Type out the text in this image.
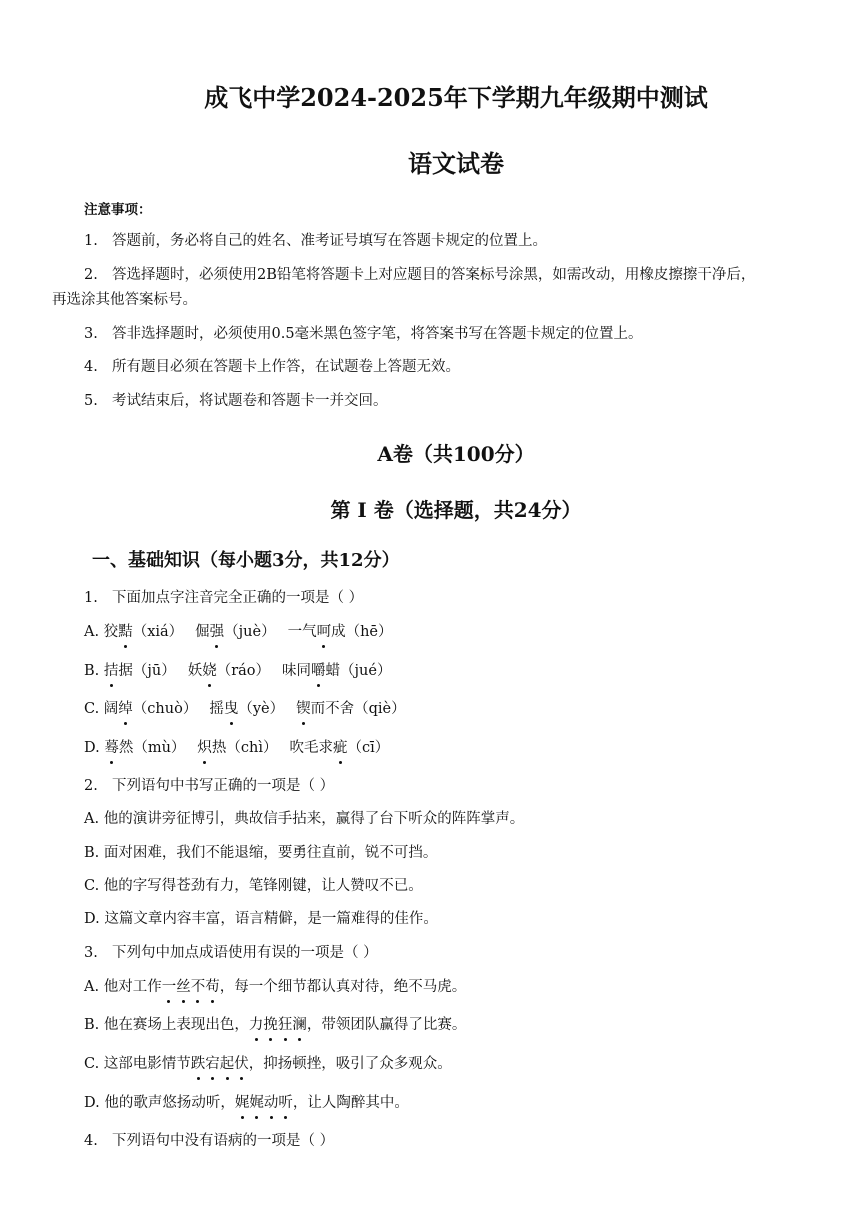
成飞中学2024-2025年下学期九年级期中测试
语文试卷
注意事项：
1. 答题前，务必将自己的姓名、准考证号填写在答题卡规定的位置上。
2. 答选择题时，必须使用2B铅笔将答题卡上对应题目的答案标号涂黑，如需改动，用橡皮擦擦干净后，
再选涂其他答案标号。
3. 答非选择题时，必须使用0.5毫米黑色签字笔，将答案书写在答题卡规定的位置上。
4. 所有题目必须在答题卡上作答，在试题卷上答题无效。
5. 考试结束后，将试题卷和答题卡一并交回。
A卷（共100分）
第 Ⅰ 卷（选择题，共24分）
一、基础知识（每小题3分，共12分）
1. 下面加点字注音完全正确的一项是（ ）
A. 狡黠（xiá） 倔强（juè） 一气呵成（hē）
B. 拮据（jū） 妖娆（ráo） 味同嚼蜡（jué）
C. 阔绰（chuò） 摇曳（yè） 锲而不舍（qiè）
D. 蓦然（mù） 炽热（chì） 吹毛求疵（cī）
2. 下列语句中书写正确的一项是（ ）
A. 他的演讲旁征博引，典故信手拈来，赢得了台下听众的阵阵掌声。
B. 面对困难，我们不能退缩，要勇往直前，锐不可挡。
C. 他的字写得苍劲有力，笔锋刚键，让人赞叹不已。
D. 这篇文章内容丰富，语言精僻，是一篇难得的佳作。
3. 下列句中加点成语使用有误的一项是（ ）
A. 他对工作一丝不苟，每一个细节都认真对待，绝不马虎。
B. 他在赛场上表现出色，力挽狂澜，带领团队赢得了比赛。
C. 这部电影情节跌宕起伏，抑扬顿挫，吸引了众多观众。
D. 他的歌声悠扬动听，娓娓动听，让人陶醉其中。
4. 下列语句中没有语病的一项是（ ）
